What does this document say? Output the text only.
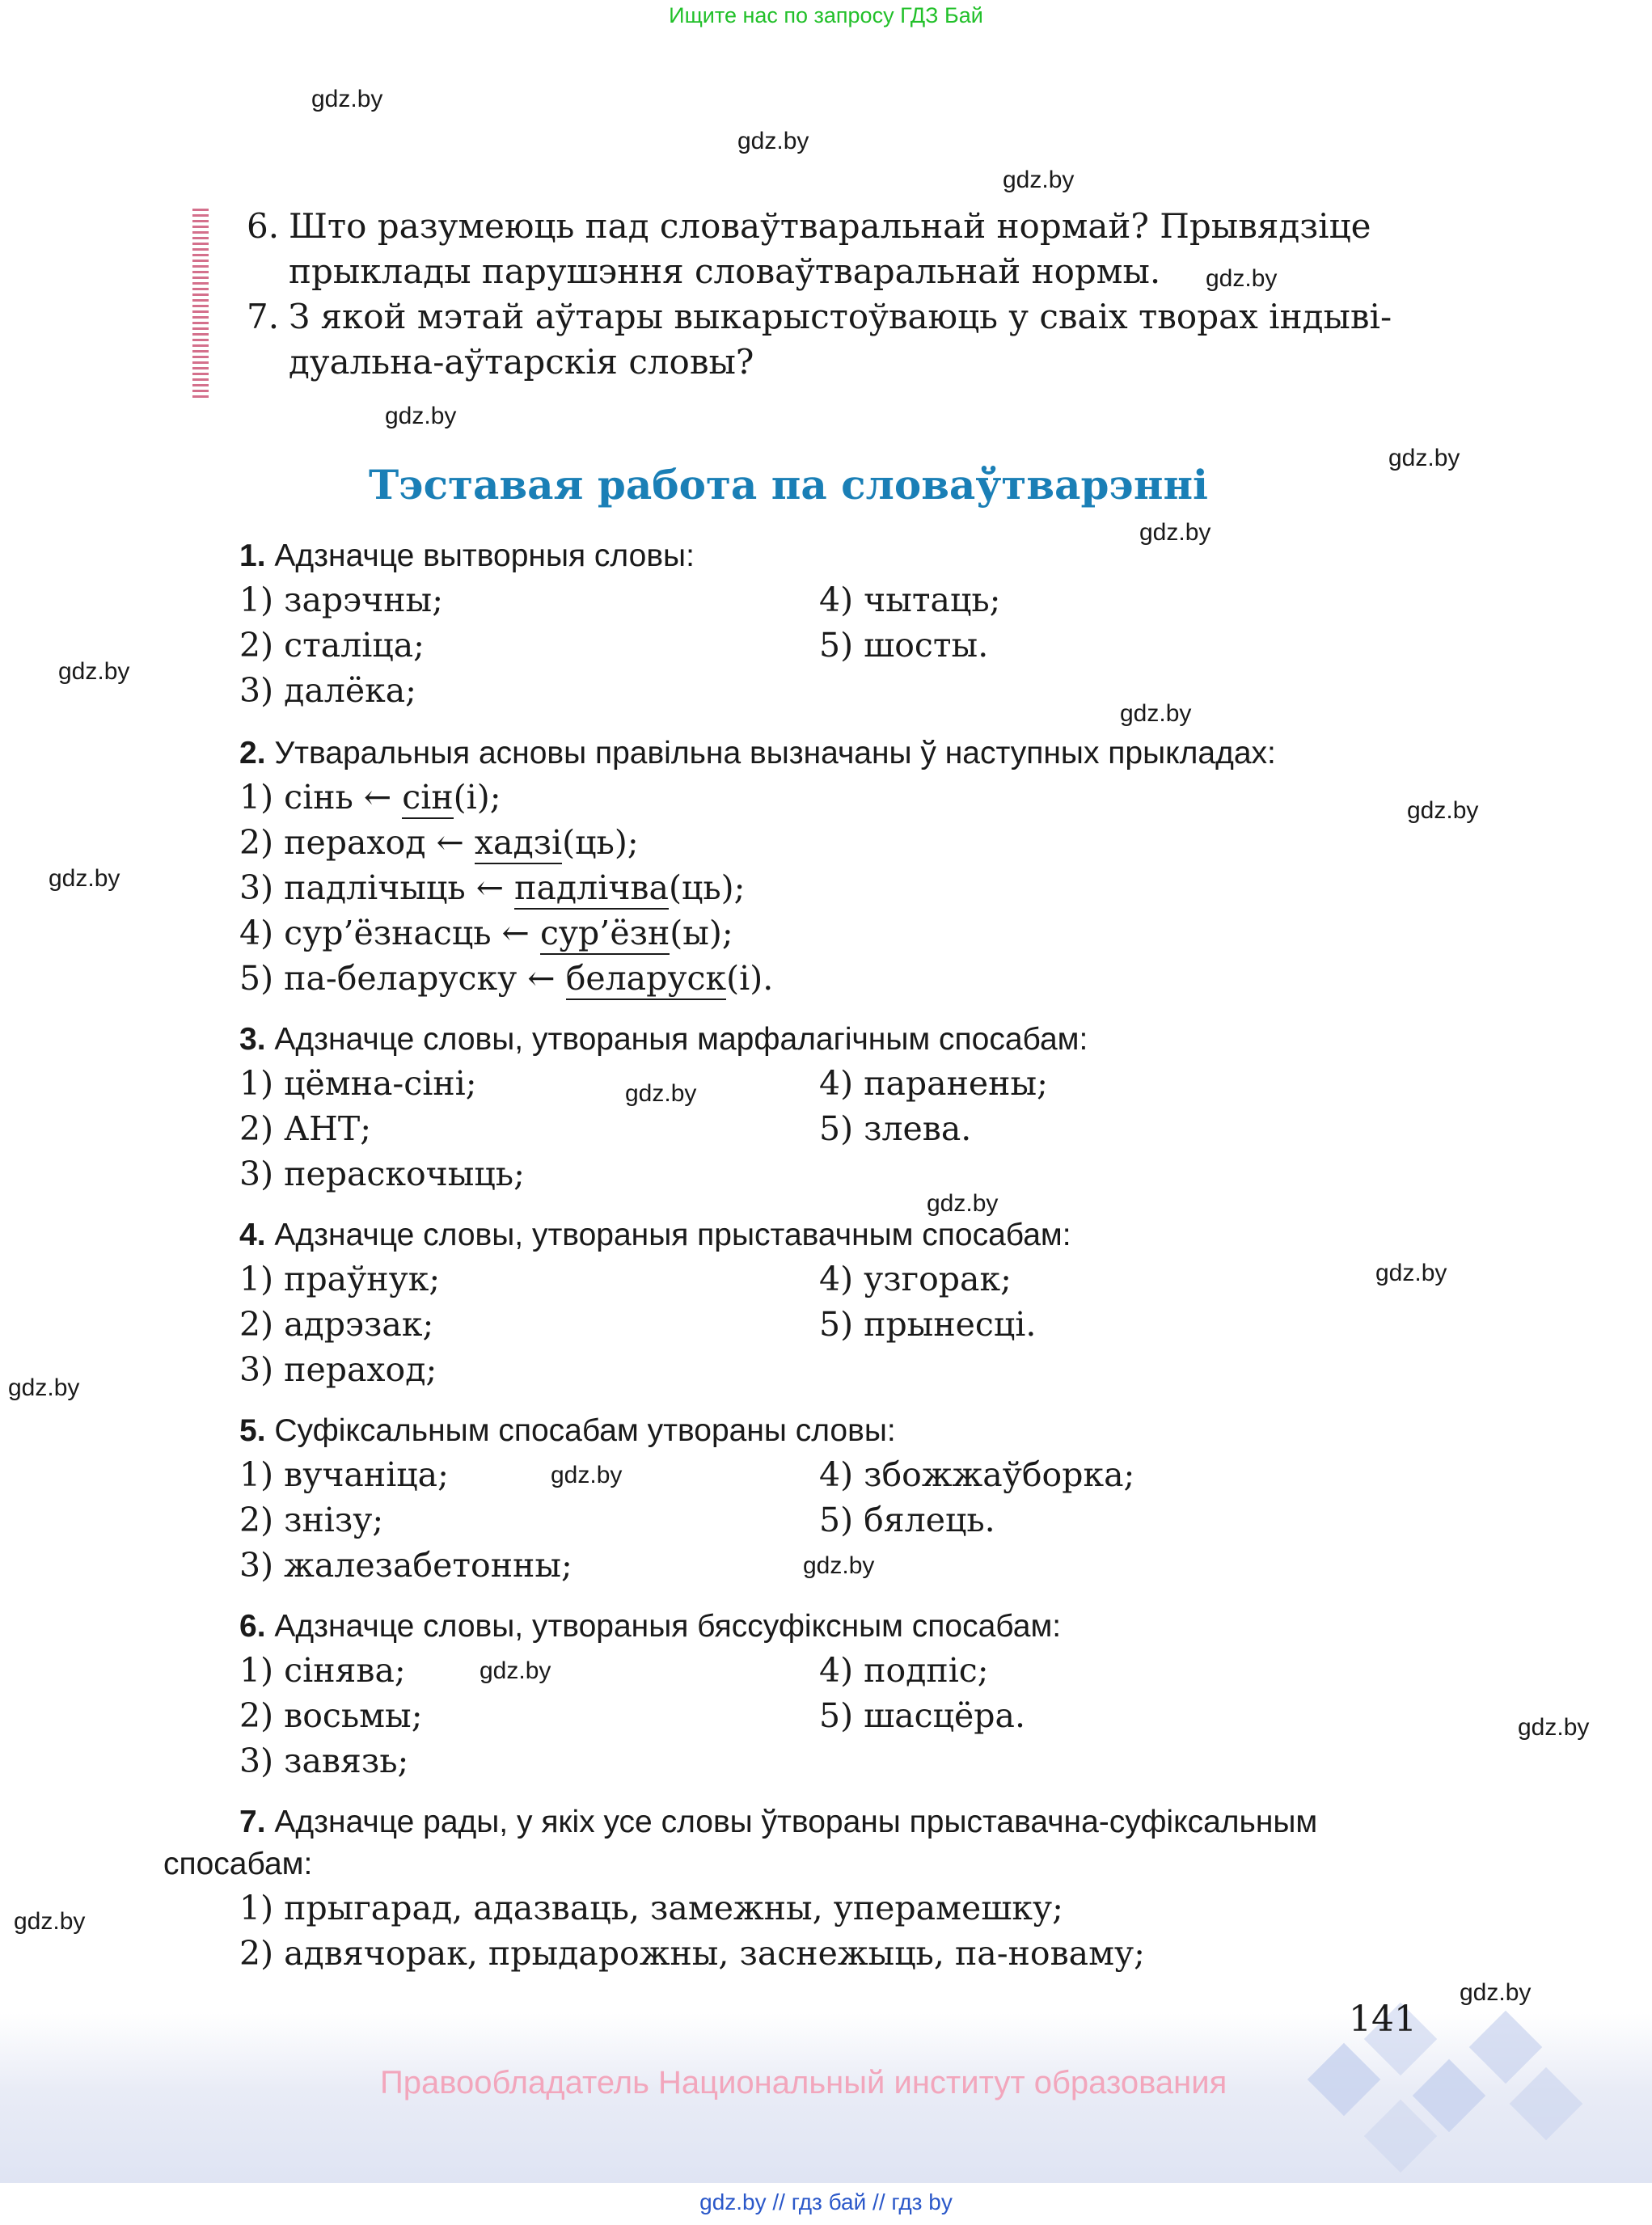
Ищите нас по запросу ГДЗ Бай
gdz.by
gdz.by
gdz.by
gdz.by
gdz.by
gdz.by
gdz.by
gdz.by
gdz.by
gdz.by
gdz.by
gdz.by
gdz.by
gdz.by
gdz.by
gdz.by
gdz.by
gdz.by
gdz.by
gdz.by
gdz.by
6. Што разумеюць пад словаўтваральнай нормай? Прывядзіце
прыклады парушэння словаўтваральнай нормы.
7. З якой мэтай аўтары выкарыстоўваюць у сваіх творах індыві-
дуальна-аўтарскія словы?
Тэставая работа па словаўтварэнні
1. Адзначце вытворныя словы:
1) зарэчны;
2) сталіца;
3) далёка;
4) чытаць;
5) шосты.
2. Утваральныя асновы правільна вызначаны ў наступных прыкладах:
1) сінь ← сін(і);
2) пераход ← хадзі(ць);
3) падлічыць ← падлічва(ць);
4) сур’ёзнасць ← сур’ёзн(ы);
5) па-беларуску ← беларуск(і).
3. Адзначце словы, утвораныя марфалагічным спосабам:
1) цёмна-сіні;
2) АНТ;
3) пераскочыць;
4) паранены;
5) злева.
4. Адзначце словы, утвораныя прыставачным спосабам:
1) праўнук;
2) адрэзак;
3) пераход;
4) узгорак;
5) прынесці.
5. Суфіксальным спосабам утвораны словы:
1) вучаніца;
2) знізу;
3) жалезабетонны;
4) збожжаўборка;
5) бялець.
6. Адзначце словы, утвораныя бяссуфіксным спосабам:
1) сінява;
2) восьмы;
3) завязь;
4) подпіс;
5) шасцёра.
7. Адзначце рады, у якіх усе словы ўтвораны прыставачна-суфіксальным
спосабам:
1) прыгарад, адазваць, замежны, уперамешку;
2) адвячорак, прыдарожны, заснежыць, па-новаму;
141
Правообладатель Национальный институт образования
gdz.by // гдз бай // гдз by
